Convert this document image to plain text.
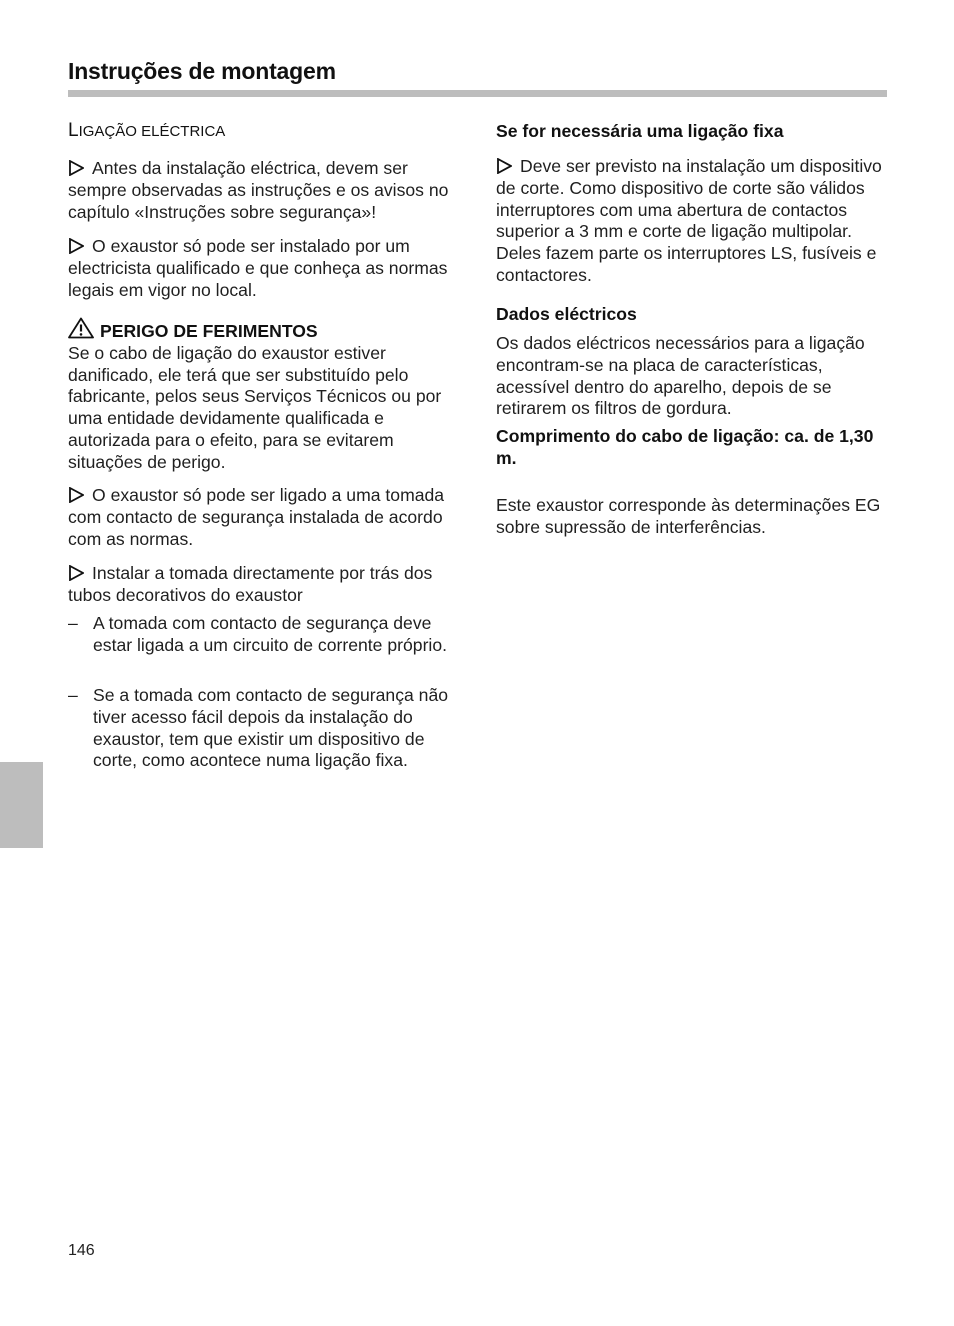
Instruções de montagem
LIGAÇÃO ELÉCTRICA
Antes da instalação eléctrica, devem ser sempre observadas as instruções e os avisos no capítulo «Instruções sobre segurança»!
O exaustor só pode ser instalado por um electricista qualificado e que conheça as normas legais em vigor no local.
PERIGO DE FERIMENTOS
Se o cabo de ligação do exaustor estiver danificado, ele terá que ser substituído pelo fabricante, pelos seus Serviços Técnicos ou por uma entidade devidamente qualificada e autorizada para o efeito, para se evitarem situações de perigo.
O exaustor só pode ser ligado a uma tomada com contacto de segurança instalada de acordo com as normas.
Instalar a tomada directamente por trás dos tubos decorativos do exaustor
– A tomada com contacto de segurança deve estar ligada a um circuito de corrente próprio.
– Se a tomada com contacto de segurança não tiver acesso fácil depois da instalação do exaustor, tem que existir um dispositivo de corte, como acontece numa ligação fixa.
Se for necessária uma ligação fixa
Deve ser previsto na instalação um dispositivo de corte. Como dispositivo de corte são válidos interruptores com uma abertura de contactos superior a 3 mm e corte de ligação multipolar. Deles fazem parte os interruptores LS, fusíveis e contactores.
Dados eléctricos
Os dados eléctricos necessários para a ligação encontram-se na placa de características, acessível dentro do aparelho, depois de se retirarem os filtros de gordura.
Comprimento do cabo de ligação: ca. de 1,30 m.
Este exaustor corresponde às determinações EG sobre supressão de interferências.
146
